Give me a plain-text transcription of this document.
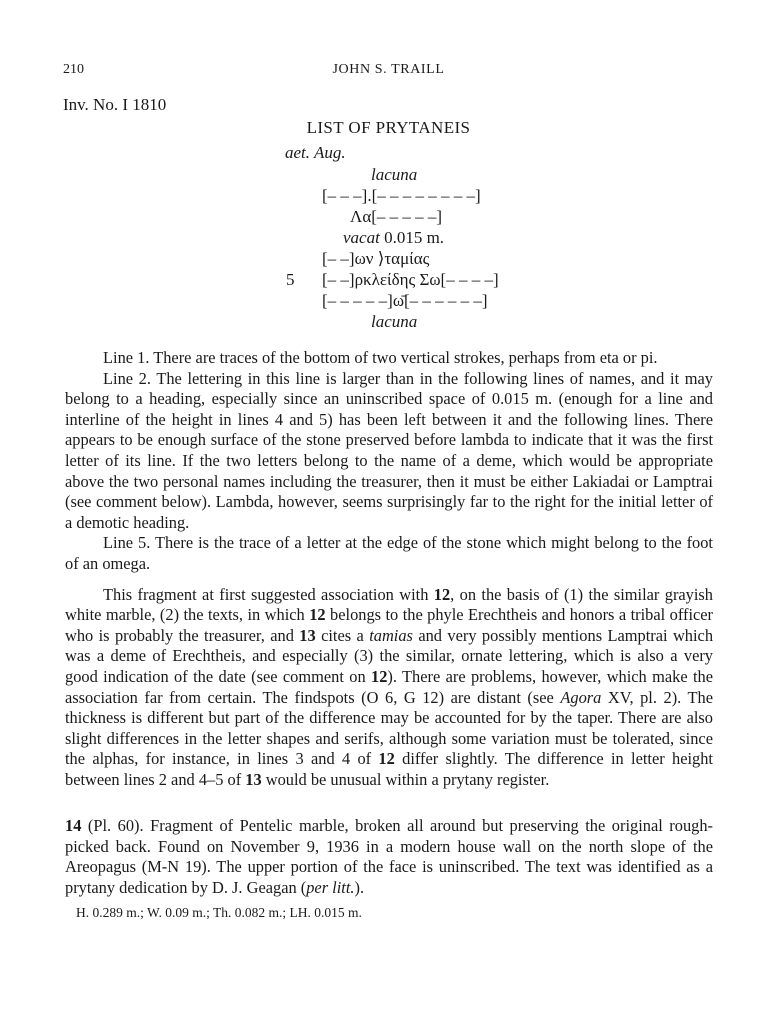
210	JOHN S. TRAILL
Inv. No. I 1810
LIST OF PRYTANEIS
aet. Aug.
lacuna
[– – –].[– – – – – – – –]
Λα[– – – – –]
vacat 0.015 m.
[– –]ων ⟩ταμίας
5 [– –]ρκλείδης Σω[– – – –]
[– – – – –]ω̄[– – – – – –]
lacuna

Line 1. There are traces of the bottom of two vertical strokes, perhaps from eta or pi.

Line 2. The lettering in this line is larger than in the following lines of names, and it may belong to a heading, especially since an uninscribed space of 0.015 m. (enough for a line and interline of the height in lines 4 and 5) has been left between it and the following lines. There appears to be enough surface of the stone preserved before lambda to indicate that it was the first letter of its line. If the two letters belong to the name of a deme, which would be appropriate above the two personal names including the treasurer, then it must be either Lakiadai or Lamptrai (see comment below). Lambda, however, seems surprisingly far to the right for the initial letter of a demotic heading.

Line 5. There is the trace of a letter at the edge of the stone which might belong to the foot of an omega.

This fragment at first suggested association with 12, on the basis of (1) the similar grayish white marble, (2) the texts, in which 12 belongs to the phyle Erechtheis and honors a tribal officer who is probably the treasurer, and 13 cites a tamias and very possibly mentions Lamptrai which was a deme of Erechtheis, and especially (3) the similar, ornate lettering, which is also a very good indication of the date (see comment on 12). There are problems, however, which make the association far from certain. The findspots (O 6, G 12) are distant (see Agora XV, pl. 2). The thickness is different but part of the difference may be accounted for by the taper. There are also slight differences in the letter shapes and serifs, although some variation must be tolerated, since the alphas, for instance, in lines 3 and 4 of 12 differ slightly. The difference in letter height between lines 2 and 4–5 of 13 would be unusual within a prytany register.

14 (Pl. 60). Fragment of Pentelic marble, broken all around but preserving the original rough-picked back. Found on November 9, 1936 in a modern house wall on the north slope of the Areopagus (M-N 19). The upper portion of the face is uninscribed. The text was identified as a prytany dedication by D. J. Geagan (per litt.).

H. 0.289 m.; W. 0.09 m.; Th. 0.082 m.; LH. 0.015 m.
